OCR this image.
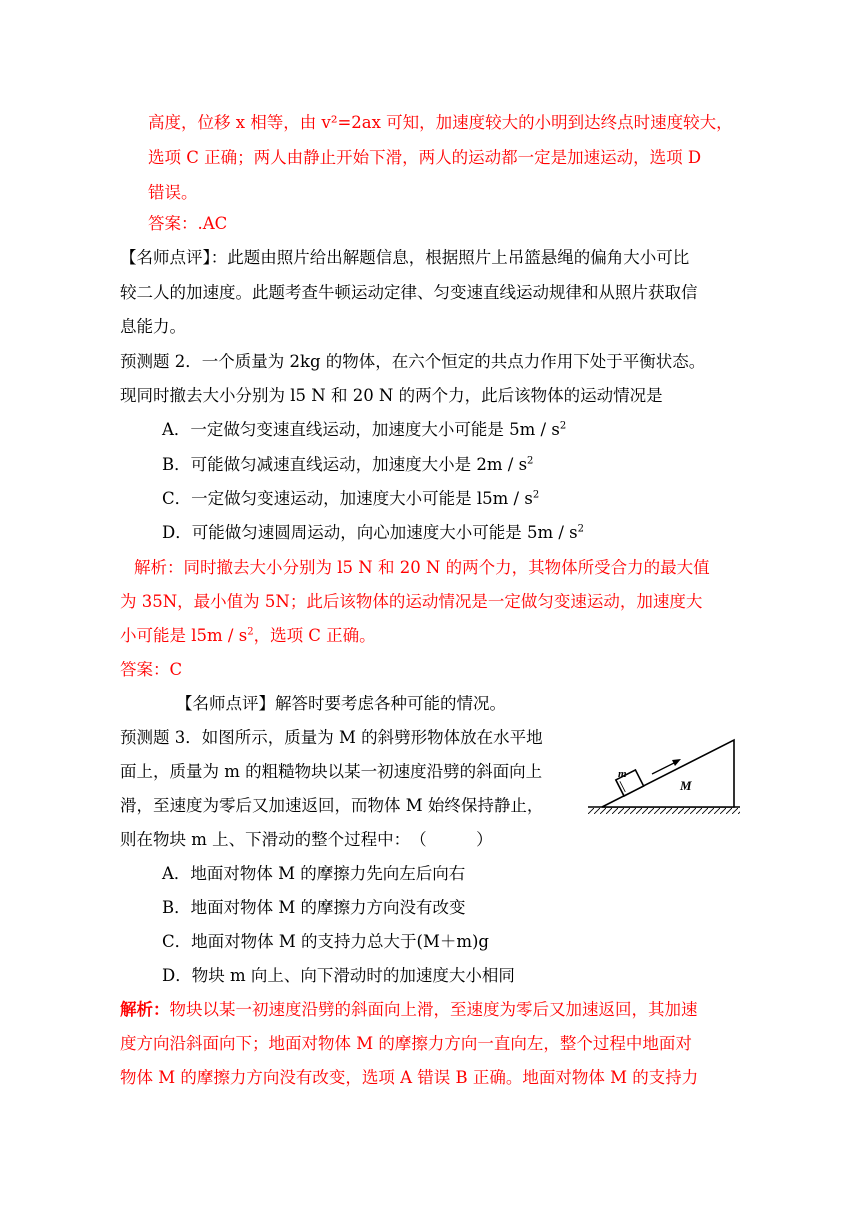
高度，位移 x 相等，由 v²=2ax 可知，加速度较大的小明到达终点时速度较大，
选项 C 正确；两人由静止开始下滑，两人的运动都一定是加速运动，选项 D
错误。
答案：.AC
【名师点评】：此题由照片给出解题信息，根据照片上吊篮悬绳的偏角大小可比
较二人的加速度。此题考查牛顿运动定律、匀变速直线运动规律和从照片获取信
息能力。
预测题 2．一个质量为 2kg 的物体，在六个恒定的共点力作用下处于平衡状态。
现同时撤去大小分别为 l5 N 和 20 N 的两个力，此后该物体的运动情况是
A．一定做匀变速直线运动，加速度大小可能是 $5m / s^2$
B．可能做匀减速直线运动，加速度大小是 $2m / s^2$
C．一定做匀变速运动，加速度大小可能是 $l5m / s^2$
D．可能做匀速圆周运动，向心加速度大小可能是 $5m / s^2$
解析：同时撤去大小分别为 l5 N 和 20 N 的两个力，其物体所受合力的最大值
为 35N，最小值为 5N；此后该物体的运动情况是一定做匀变速运动，加速度大
小可能是 $l5m / s^2$，选项 C 正确。
答案：C
【名师点评】解答时要考虑各种可能的情况。
预测题 3．如图所示，质量为 M 的斜劈形物体放在水平地
面上，质量为 m 的粗糙物块以某一初速度沿劈的斜面向上
滑，至速度为零后又加速返回，而物体 M 始终保持静止，
则在物块 m 上、下滑动的整个过程中：　（　　　）
m
M
A．地面对物体 M 的摩擦力先向左后向右
B．地面对物体 M 的摩擦力方向没有改变
C．地面对物体 M 的支持力总大于(M＋m)g
D．物块 m 向上、向下滑动时的加速度大小相同
解析：物块以某一初速度沿劈的斜面向上滑，至速度为零后又加速返回，其加速
度方向沿斜面向下；地面对物体 M 的摩擦力方向一直向左，整个过程中地面对
物体 M 的摩擦力方向没有改变，选项 A 错误 B 正确。地面对物体 M 的支持力
